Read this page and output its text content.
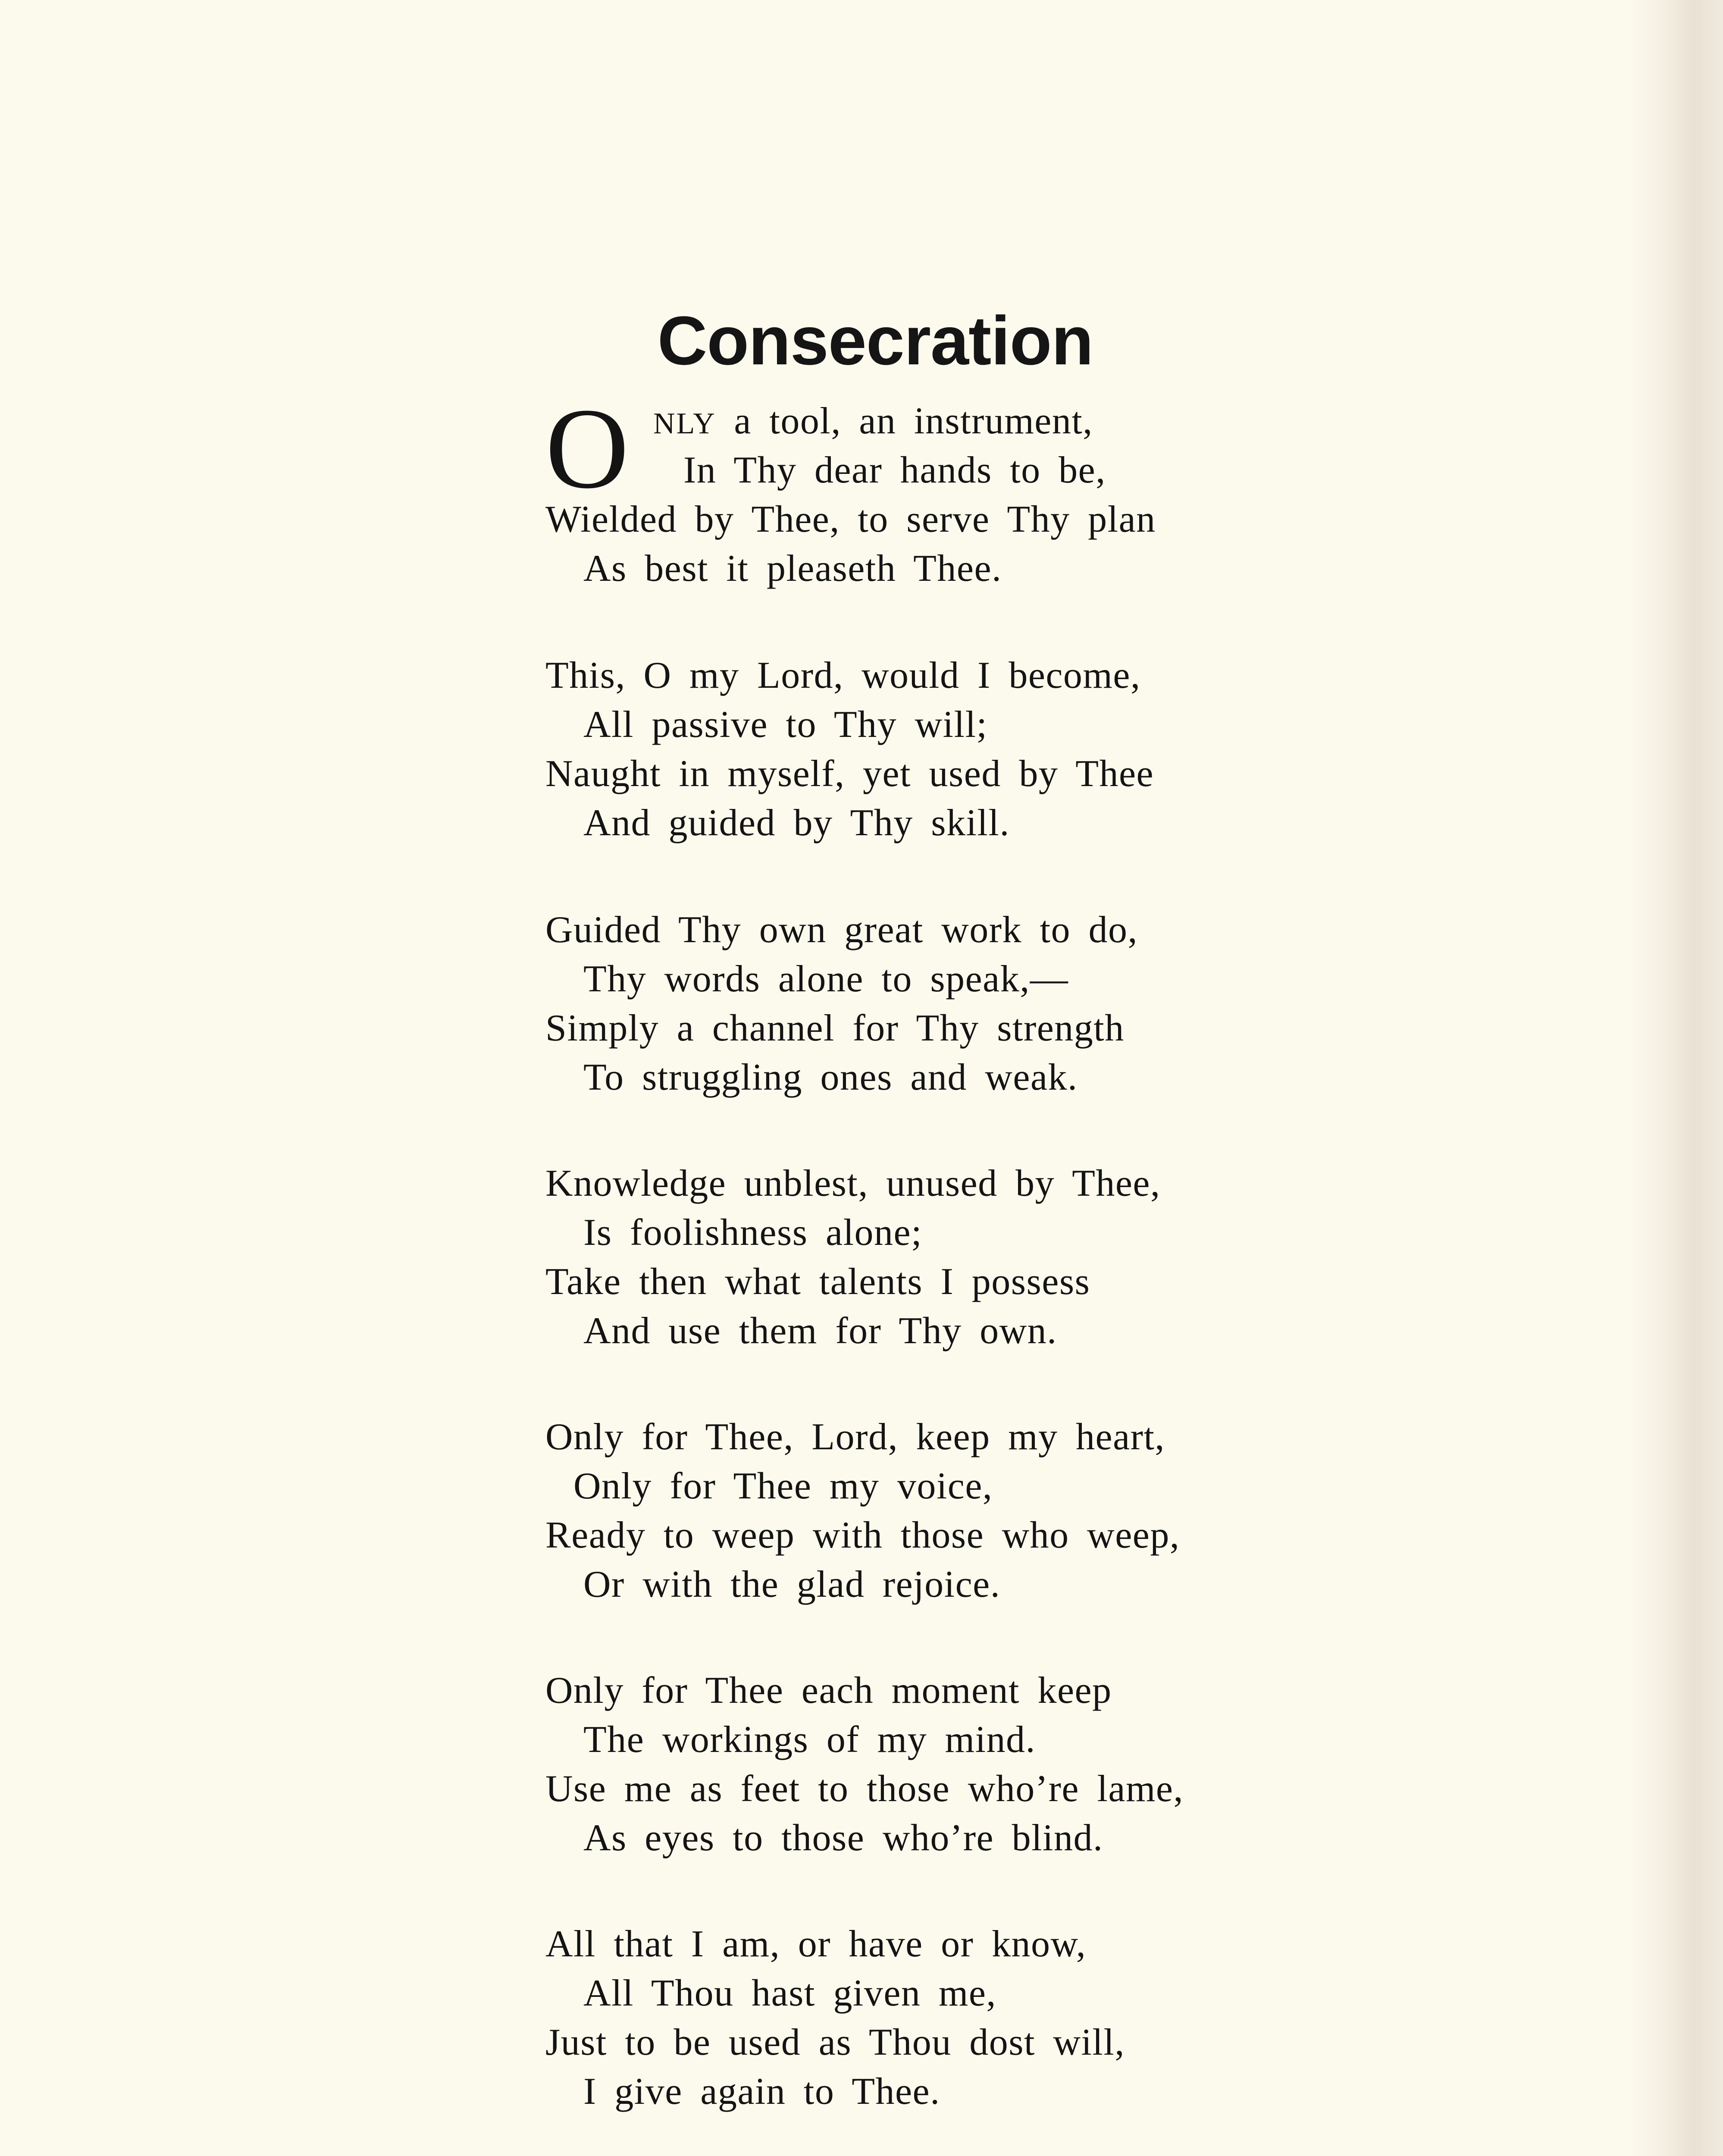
Consecration
O NLY a tool, an instrument,
In Thy dear hands to be,
Wielded by Thee, to serve Thy plan
As best it pleaseth Thee.
This, O my Lord, would I become,
All passive to Thy will;
Naught in myself, yet used by Thee
And guided by Thy skill.
Guided Thy own great work to do,
Thy words alone to speak,—
Simply a channel for Thy strength
To struggling ones and weak.
Knowledge unblest, unused by Thee,
Is foolishness alone;
Take then what talents I possess
And use them for Thy own.
Only for Thee, Lord, keep my heart,
Only for Thee my voice,
Ready to weep with those who weep,
Or with the glad rejoice.
Only for Thee each moment keep
The workings of my mind.
Use me as feet to those who’re lame,
As eyes to those who’re blind.
All that I am, or have or know,
All Thou hast given me,
Just to be used as Thou dost will,
I give again to Thee.
